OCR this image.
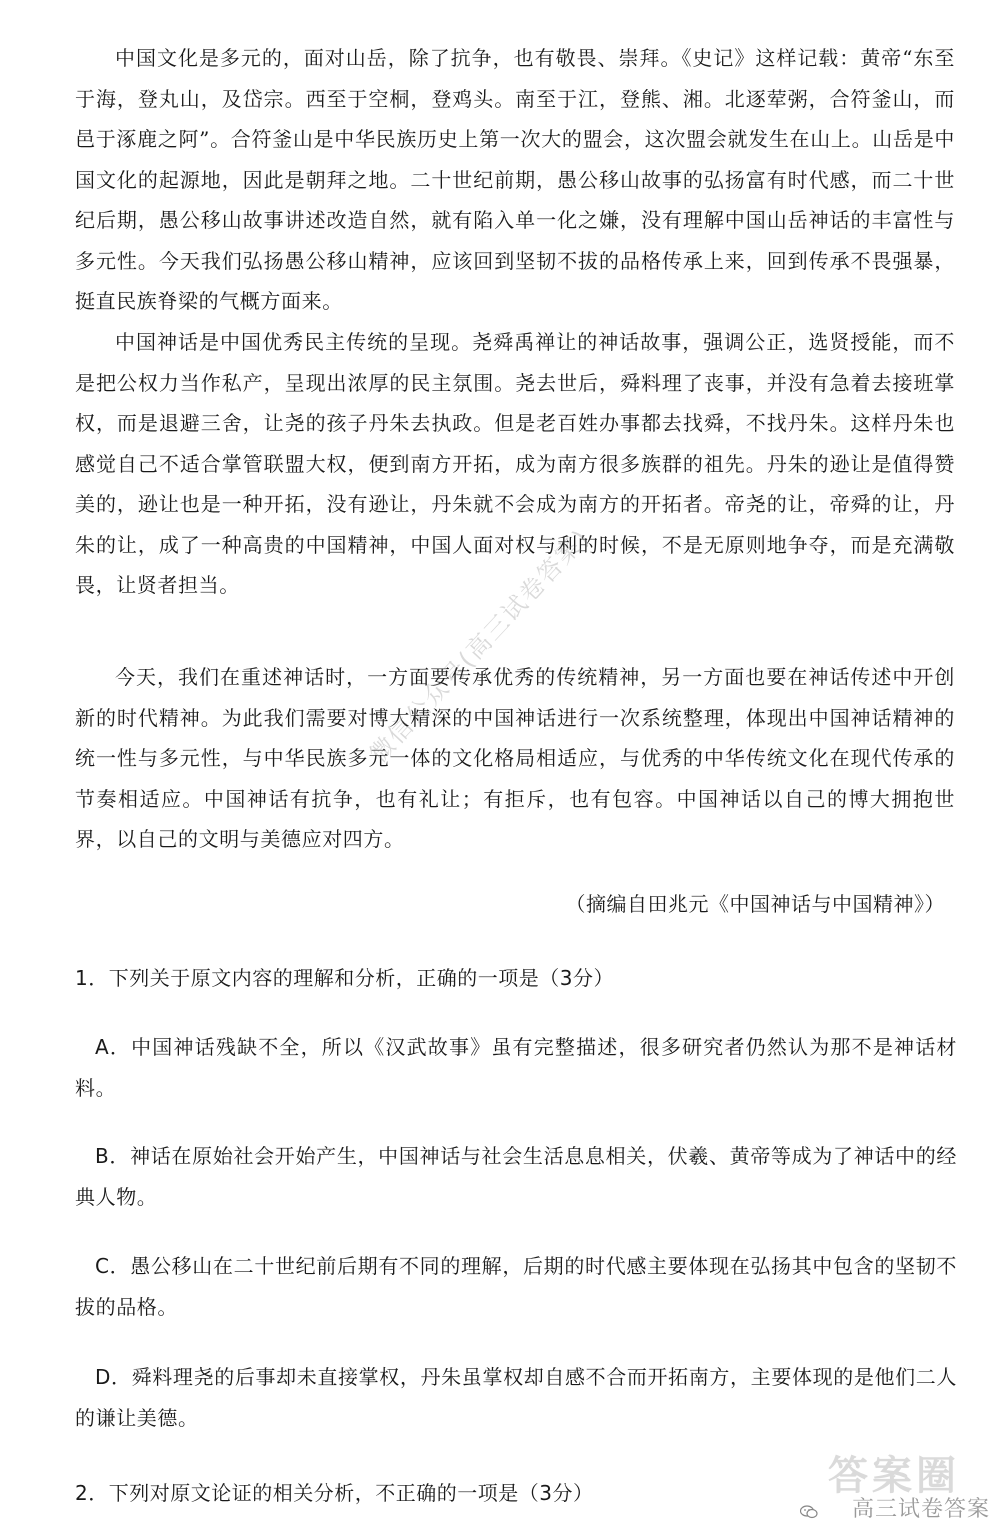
中国文化是多元的，面对山岳，除了抗争，也有敬畏、崇拜。《史记》这样记载：黄帝“东至于海，登丸山，及岱宗。西至于空桐，登鸡头。南至于江，登熊、湘。北逐荤粥，合符釜山，而邑于涿鹿之阿”。合符釜山是中华民族历史上第一次大的盟会，这次盟会就发生在山上。山岳是中国文化的起源地，因此是朝拜之地。二十世纪前期，愚公移山故事的弘扬富有时代感，而二十世纪后期，愚公移山故事讲述改造自然，就有陷入单一化之嫌，没有理解中国山岳神话的丰富性与多元性。今天我们弘扬愚公移山精神，应该回到坚韧不拔的品格传承上来，回到传承不畏强暴，挺直民族脊梁的气概方面来。

中国神话是中国优秀民主传统的呈现。尧舜禹禅让的神话故事，强调公正，选贤授能，而不是把公权力当作私产，呈现出浓厚的民主氛围。尧去世后，舜料理了丧事，并没有急着去接班掌权，而是退避三舍，让尧的孩子丹朱去执政。但是老百姓办事都去找舜，不找丹朱。这样丹朱也感觉自己不适合掌管联盟大权，便到南方开拓，成为南方很多族群的祖先。丹朱的逊让是值得赞美的，逊让也是一种开拓，没有逊让，丹朱就不会成为南方的开拓者。帝尧的让，帝舜的让，丹朱的让，成了一种高贵的中国精神，中国人面对权与利的时候，不是无原则地争夺，而是充满敬畏，让贤者担当。

今天，我们在重述神话时，一方面要传承优秀的传统精神，另一方面也要在神话传述中开创新的时代精神。为此我们需要对博大精深的中国神话进行一次系统整理，体现出中国神话精神的统一性与多元性，与中华民族多元一体的文化格局相适应，与优秀的中华传统文化在现代传承的节奏相适应。中国神话有抗争，也有礼让；有拒斥，也有包容。中国神话以自己的博大拥抱世界，以自己的文明与美德应对四方。

（摘编自田兆元《中国神话与中国精神》）

1．下列关于原文内容的理解和分析，正确的一项是（3分）

A．中国神话残缺不全，所以《汉武故事》虽有完整描述，很多研究者仍然认为那不是神话材料。

B．神话在原始社会开始产生，中国神话与社会生活息息相关，伏羲、黄帝等成为了神话中的经典人物。

C．愚公移山在二十世纪前后期有不同的理解，后期的时代感主要体现在弘扬其中包含的坚韧不拔的品格。

D．舜料理尧的后事却未直接掌权，丹朱虽掌权却自感不合而开拓南方，主要体现的是他们二人的谦让美德。

2．下列对原文论证的相关分析，不正确的一项是（3分）

微信公众号(高三试卷答案)
答案圈
高三试卷答案
